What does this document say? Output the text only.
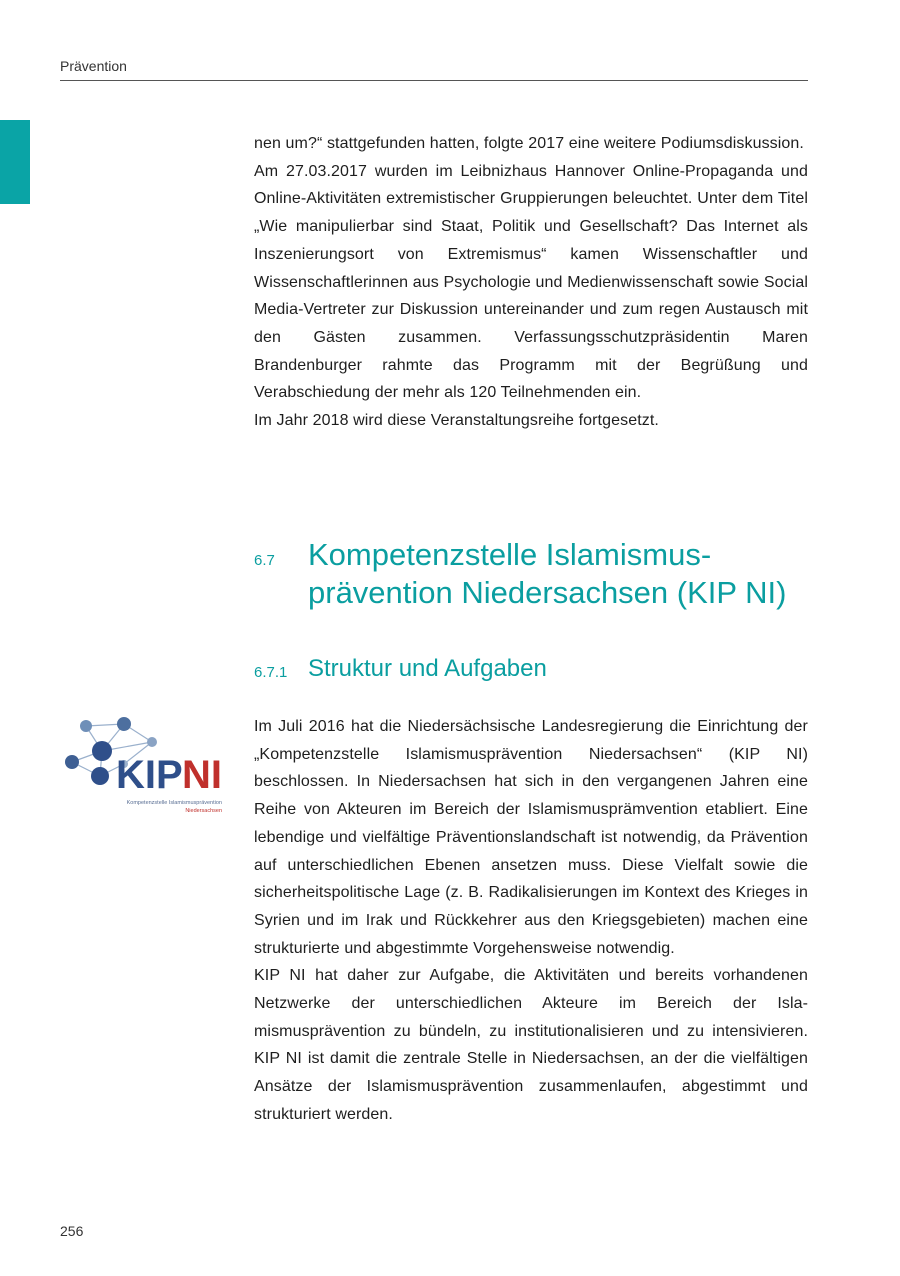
Prävention

nen um?“ stattgefunden hatten, folgte 2017 eine weitere Podiumsdiskussion.
Am 27.03.2017 wurden im Leibnizhaus Hannover Online-Propaganda und Online-Aktivitäten extremistischer Gruppierungen beleuchtet. Unter dem Titel „Wie manipulierbar sind Staat, Politik und Gesellschaft? Das Internet als Inszenierungsort von Extremismus“ kamen Wissenschaftler und Wissenschaftlerinnen aus Psychologie und Medienwissenschaft sowie Social Media-Vertreter zur Diskussion untereinander und zum regen Austausch mit den Gästen zusammen. Verfassungsschutzpräsidentin Maren Brandenburger rahmte das Programm mit der Begrüßung und Verabschiedung der mehr als 120 Teilnehmenden ein.
Im Jahr 2018 wird diese Veranstaltungsreihe fortgesetzt.

6.7 Kompetenzstelle Islamismus-
prävention Niedersachsen (KIP NI)
6.7.1 Struktur und Aufgaben
KIP NI
Kompetenzstelle Islamismusprävention
Niedersachsen

Im Juli 2016 hat die Niedersächsische Landesregierung die Einrichtung der „Kompetenzstelle Islamismusprävention Niedersachsen“ (KIP NI) beschlossen. In Niedersachsen hat sich in den vergangenen Jahren eine Reihe von Akteuren im Bereich der Islamismusprämvention etabliert. Eine lebendige und vielfältige Präventionslandschaft ist notwendig, da Prävention auf unterschiedlichen Ebenen ansetzen muss. Diese Vielfalt sowie die sicherheitspolitische Lage (z. B. Radikalisierungen im Kontext des Krieges in Syrien und im Irak und Rückkehrer aus den Kriegsgebieten) machen eine strukturierte und abgestimmte Vorgehensweise notwendig.
KIP NI hat daher zur Aufgabe, die Aktivitäten und bereits vorhandenen Netzwerke der unterschiedlichen Akteure im Bereich der Islamismusprävention zu bündeln, zu institutionalisieren und zu intensivieren. KIP NI ist damit die zentrale Stelle in Niedersachsen, an der die vielfältigen Ansätze der Islamismusprävention zusammenlaufen, abgestimmt und strukturiert werden.

256
